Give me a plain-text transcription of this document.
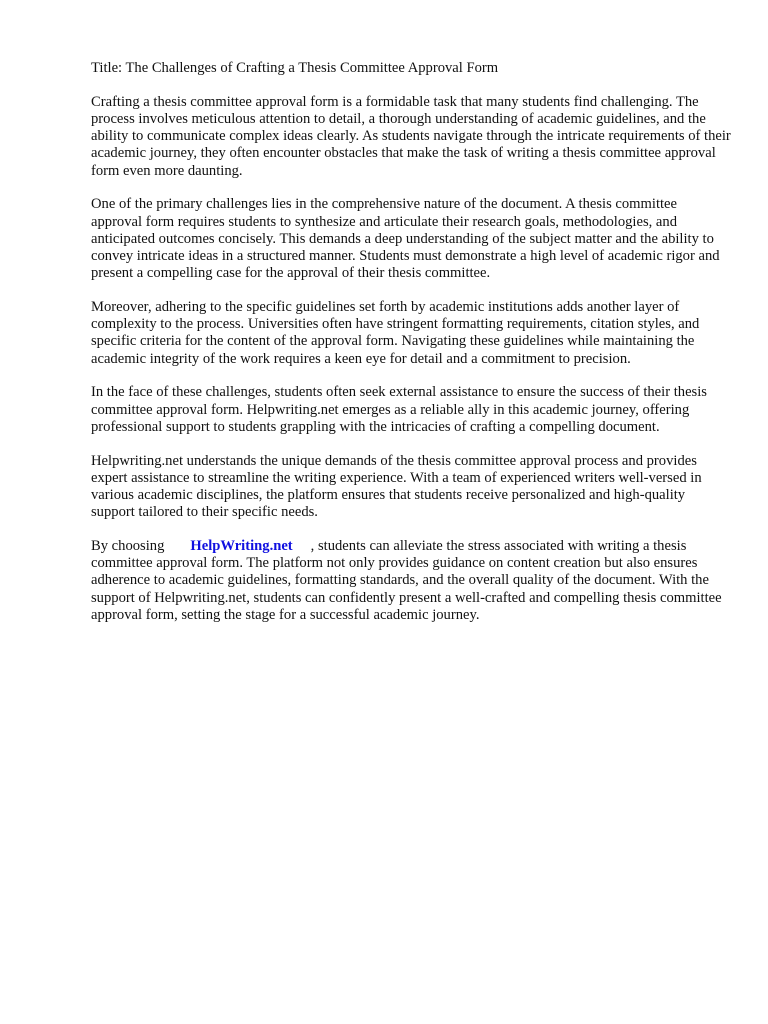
Title: The Challenges of Crafting a Thesis Committee Approval Form

Crafting a thesis committee approval form is a formidable task that many students find challenging. The process involves meticulous attention to detail, a thorough understanding of academic guidelines, and the ability to communicate complex ideas clearly. As students navigate through the intricate requirements of their academic journey, they often encounter obstacles that make the task of writing a thesis committee approval form even more daunting.

One of the primary challenges lies in the comprehensive nature of the document. A thesis committee approval form requires students to synthesize and articulate their research goals, methodologies, and anticipated outcomes concisely. This demands a deep understanding of the subject matter and the ability to convey intricate ideas in a structured manner. Students must demonstrate a high level of academic rigor and present a compelling case for the approval of their thesis committee.

Moreover, adhering to the specific guidelines set forth by academic institutions adds another layer of complexity to the process. Universities often have stringent formatting requirements, citation styles, and specific criteria for the content of the approval form. Navigating these guidelines while maintaining the academic integrity of the work requires a keen eye for detail and a commitment to precision.

In the face of these challenges, students often seek external assistance to ensure the success of their thesis committee approval form. Helpwriting.net emerges as a reliable ally in this academic journey, offering professional support to students grappling with the intricacies of crafting a compelling document.

Helpwriting.net understands the unique demands of the thesis committee approval process and provides expert assistance to streamline the writing experience. With a team of experienced writers well-versed in various academic disciplines, the platform ensures that students receive personalized and high-quality support tailored to their specific needs.

By choosing HelpWriting.net , students can alleviate the stress associated with writing a thesis committee approval form. The platform not only provides guidance on content creation but also ensures adherence to academic guidelines, formatting standards, and the overall quality of the document. With the support of Helpwriting.net, students can confidently present a well-crafted and compelling thesis committee approval form, setting the stage for a successful academic journey.
